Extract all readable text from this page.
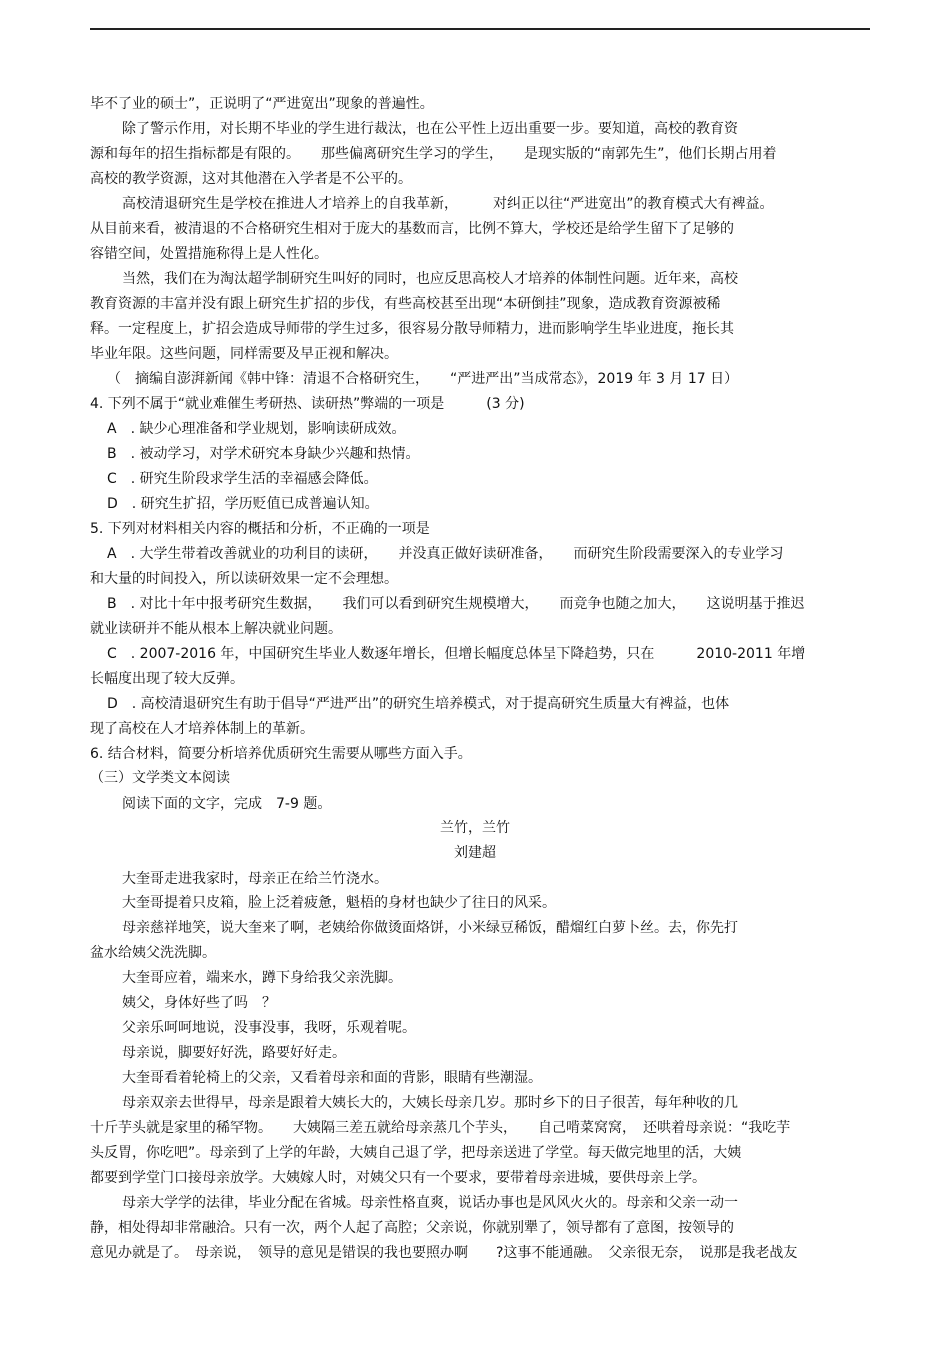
毕不了业的硕士”，正说明了“严进宽出”现象的普遍性。
除了警示作用，对长期不毕业的学生进行裁汰，也在公平性上迈出重要一步。要知道，高校的教育资
源和每年的招生指标都是有限的。　　那些偏离研究生学习的学生，　　是现实版的“南郭先生”，他们长期占用着
高校的教学资源，这对其他潜在入学者是不公平的。
高校清退研究生是学校在推进人才培养上的自我革新，　　　对纠正以往“严进宽出”的教育模式大有裨益。
从目前来看，被清退的不合格研究生相对于庞大的基数而言，比例不算大，学校还是给学生留下了足够的
容错空间，处置措施称得上是人性化。
当然，我们在为淘汰超学制研究生叫好的同时，也应反思高校人才培养的体制性问题。近年来，高校
教育资源的丰富并没有跟上研究生扩招的步伐，有些高校甚至出现“本研倒挂”现象，造成教育资源被稀
释。一定程度上，扩招会造成导师带的学生过多，很容易分散导师精力，进而影响学生毕业进度，拖长其
毕业年限。这些问题，同样需要及早正视和解决。
（　摘编自澎湃新闻《韩中锋：清退不合格研究生，　　“严进严出”当成常态》，2019 年 3 月 17 日）
4. 下列不属于“就业难催生考研热、读研热”弊端的一项是　　　(3 分)
A　. 缺少心理准备和学业规划，影响读研成效。
B　. 被动学习，对学术研究本身缺少兴趣和热情。
C　. 研究生阶段求学生活的幸福感会降低。
D　. 研究生扩招，学历贬值已成普遍认知。
5. 下列对材料相关内容的概括和分析，不正确的一项是
A　. 大学生带着改善就业的功利目的读研，　　并没真正做好读研准备，　　而研究生阶段需要深入的专业学习
和大量的时间投入，所以读研效果一定不会理想。
B　. 对比十年中报考研究生数据，　　我们可以看到研究生规模增大，　　而竞争也随之加大，　　这说明基于推迟
就业读研并不能从根本上解决就业问题。
C　. 2007-2016 年，中国研究生毕业人数逐年增长，但增长幅度总体呈下降趋势，只在　　　2010-2011 年增
长幅度出现了较大反弹。
D　. 高校清退研究生有助于倡导“严进严出”的研究生培养模式，对于提高研究生质量大有裨益，也体
现了高校在人才培养体制上的革新。
6. 结合材料，简要分析培养优质研究生需要从哪些方面入手。
（三）文学类文本阅读
阅读下面的文字，完成　7-9 题。
兰竹，兰竹
刘建超
大奎哥走进我家时，母亲正在给兰竹浇水。
大奎哥提着只皮箱，脸上泛着疲惫，魁梧的身材也缺少了往日的风采。
母亲慈祥地笑，说大奎来了啊，老姨给你做烫面烙饼，小米绿豆稀饭，醋熘红白萝卜丝。去，你先打
盆水给姨父洗洗脚。
大奎哥应着，端来水，蹲下身给我父亲洗脚。
姨父，身体好些了吗　？
父亲乐呵呵地说，没事没事，我呀，乐观着呢。
母亲说，脚要好好洗，路要好好走。
大奎哥看着轮椅上的父亲，又看着母亲和面的背影，眼睛有些潮湿。
母亲双亲去世得早，母亲是跟着大姨长大的，大姨长母亲几岁。那时乡下的日子很苦，每年种收的几
十斤芋头就是家里的稀罕物。　　大姨隔三差五就给母亲蒸几个芋头，　　自己啃菜窝窝，　还哄着母亲说：“我吃芋
头反胃，你吃吧”。母亲到了上学的年龄，大姨自己退了学，把母亲送进了学堂。每天做完地里的活，大姨
都要到学堂门口接母亲放学。大姨嫁人时，对姨父只有一个要求，要带着母亲进城，要供母亲上学。
母亲大学学的法律，毕业分配在省城。母亲性格直爽，说话办事也是风风火火的。母亲和父亲一动一
静，相处得却非常融洽。只有一次，两个人起了高腔；父亲说，你就别犟了，领导都有了意图，按领导的
意见办就是了。　母亲说，　领导的意见是错误的我也要照办啊　　?这事不能通融。　父亲很无奈，　说那是我老战友
